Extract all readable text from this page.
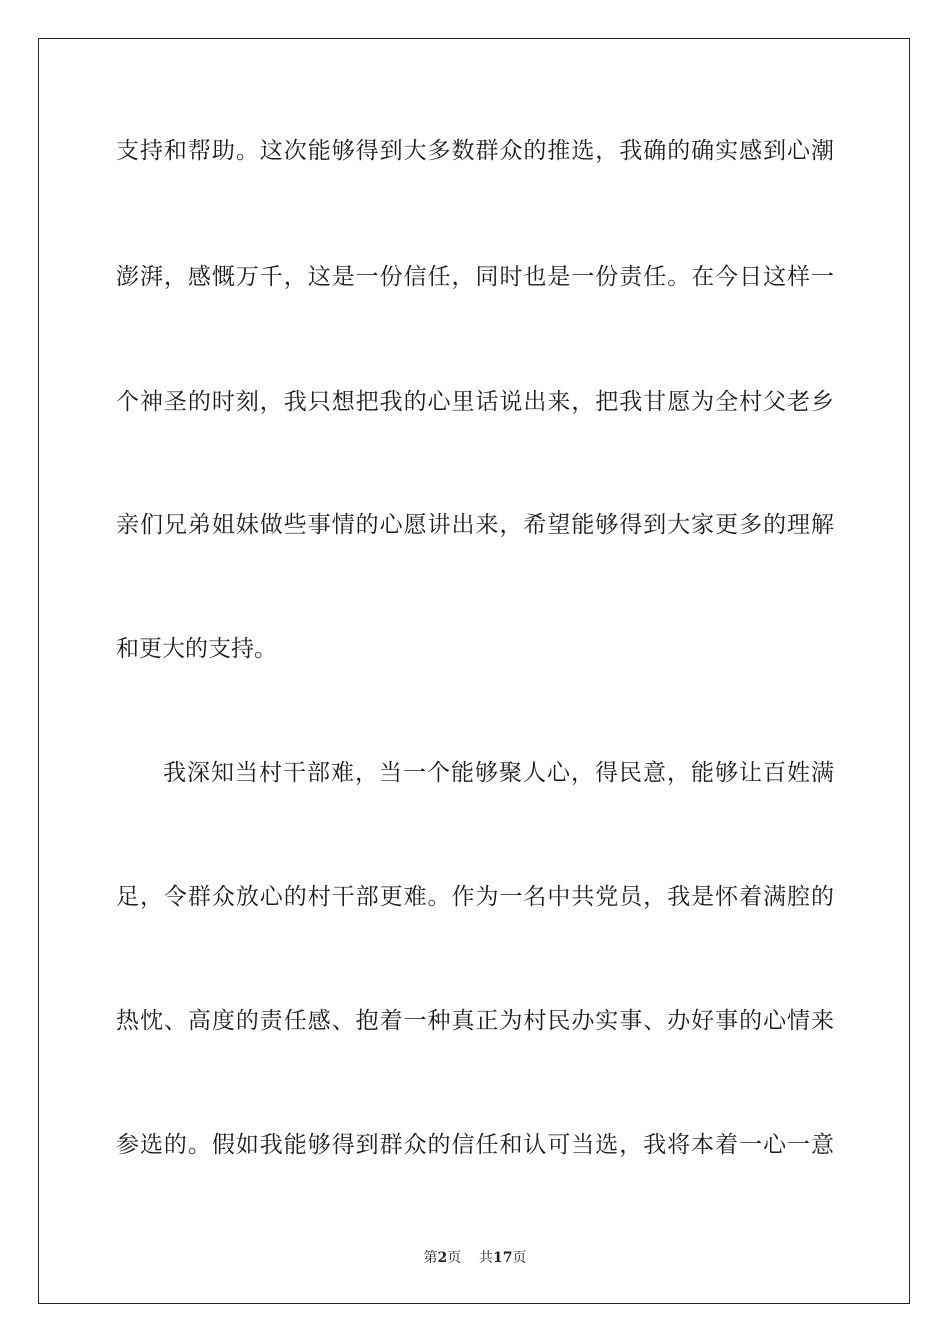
支持和帮助。这次能够得到大多数群众的推选，我确的确实感到心潮
澎湃，感慨万千，这是一份信任，同时也是一份责任。在今日这样一
个神圣的时刻，我只想把我的心里话说出来，把我甘愿为全村父老乡
亲们兄弟姐妹做些事情的心愿讲出来，希望能够得到大家更多的理解
和更大的支持。
我深知当村干部难，当一个能够聚人心，得民意，能够让百姓满
足，令群众放心的村干部更难。作为一名中共党员，我是怀着满腔的
热忱、高度的责任感、抱着一种真正为村民办实事、办好事的心情来
参选的。假如我能够得到群众的信任和认可当选，我将本着一心一意
第2页 共17页
